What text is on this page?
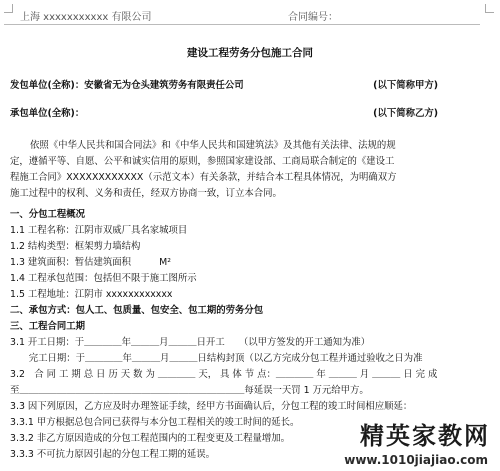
上海 xxxxxxxxxxx 有限公司	合同编号：
建设工程劳务分包施工合同
发包单位(全称)：安徽省无为仓头建筑劳务有限责任公司	(以下简称甲方)
承包单位(全称)：	(以下简称乙方)
依照《中华人民共和国合同法》和《中华人民共和国建筑法》及其他有关法律、法规的规
定，遵循平等、自愿、公平和诚实信用的原则，参照国家建设部、工商局联合制定的《建设工
程施工合同》XXXXXXXXXXXX（示范文本）有关条款，并结合本工程具体情况，为明确双方
施工过程中的权利、义务和责任，经双方协商一致，订立本合同。
一、分包工程概况
1.1 工程名称：江阴市双威厂具名家城项目
1.2 结构类型：框架剪力墙结构
1.3 建筑面积：暂估建筑面积　　　M²
1.4 工程承包范围：包括但不限于施工图所示
1.5 工程地址：江阴市 xxxxxxxxxxxx
二、承包方式：包人工、包质量、包安全、包工期的劳务分包
三、工程合同工期
3.1 开工日期：于＿＿＿＿年＿＿＿月＿＿＿日开工　　（以甲方签发的开工通知为准）
　　完工日期：于＿＿＿＿年＿＿＿月＿＿＿日结构封顶（以乙方完成分包工程并通过验收之日为准
3.2　合 同 工 期 总 日 历 天 数 为 ＿＿＿＿ 天， 具 体 节 点：＿＿＿＿ 年 ＿＿＿ 月 ＿＿＿ 日 完 成
至＿＿＿＿＿＿＿＿＿＿＿＿＿＿＿＿＿＿＿＿＿＿＿＿每延误一天罚 1 万元给甲方。
3.3 因下列原因，乙方应及时办理签证手续，经甲方书面确认后，分包工程的竣工时间相应顺延：
3.3.1 甲方根据总包合同已获得与本分包工程相关的竣工时间的延长。
3.3.2 非乙方原因造成的分包工程范围内的工程变更及工程量增加。
3.3.3 不可抗力原因引起的分包工程工期的延误。
精英家教网
www.1010jiajiao.com
